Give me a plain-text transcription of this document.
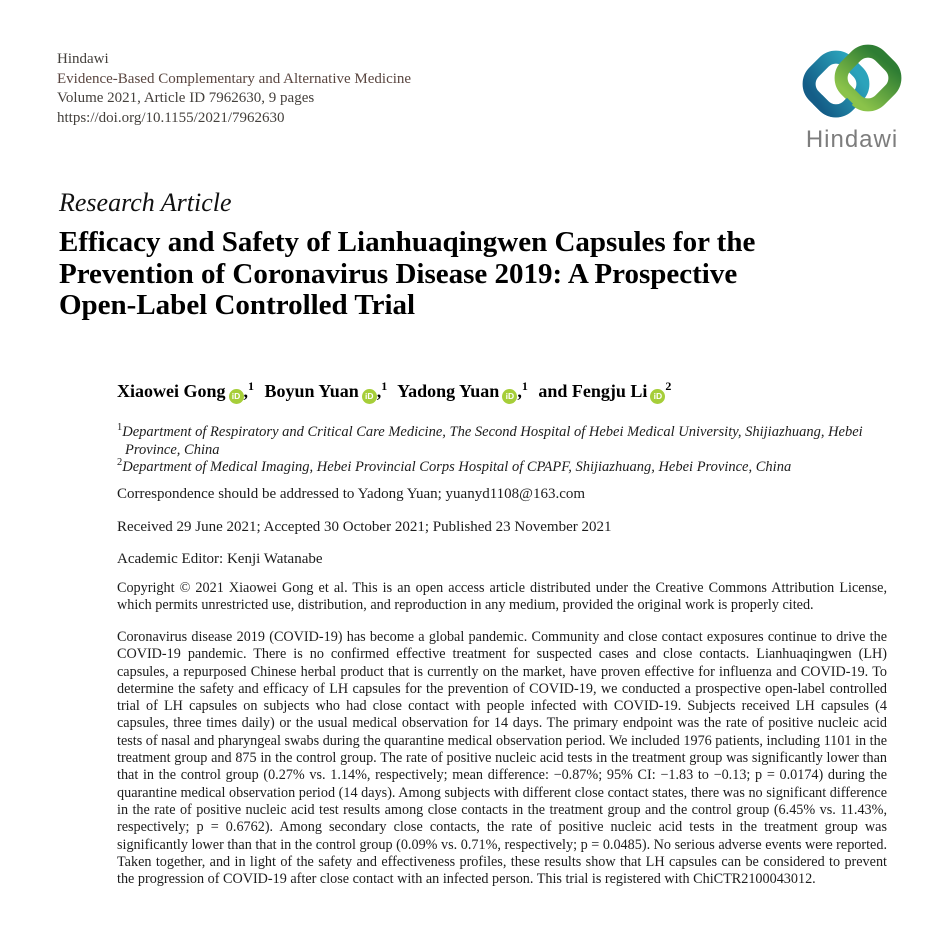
Hindawi
Evidence-Based Complementary and Alternative Medicine
Volume 2021, Article ID 7962630, 9 pages
https://doi.org/10.1155/2021/7962630
Hindawi
Research Article
Efficacy and Safety of Lianhuaqingwen Capsules for the Prevention of Coronavirus Disease 2019: A Prospective Open-Label Controlled Trial
Xiaowei Gong iD ,$^1$ Boyun Yuan iD ,$^1$ Yadong Yuan iD ,$^1$ and Fengju Li $iD^2$
$^1$Department of Respiratory and Critical Care Medicine, The Second Hospital of Hebei Medical University, Shijiazhuang, Hebei Province, China
$^2$Department of Medical Imaging, Hebei Provincial Corps Hospital of CPAPF, Shijiazhuang, Hebei Province, China

Correspondence should be addressed to Yadong Yuan; yuanyd1108@163.com

Received 29 June 2021; Accepted 30 October 2021; Published 23 November 2021

Academic Editor: Kenji Watanabe

Copyright © 2021 Xiaowei Gong et al. This is an open access article distributed under the Creative Commons Attribution License, which permits unrestricted use, distribution, and reproduction in any medium, provided the original work is properly cited.

Coronavirus disease 2019 (COVID-19) has become a global pandemic. Community and close contact exposures continue to drive the COVID-19 pandemic. There is no confirmed effective treatment for suspected cases and close contacts. Lianhuaqingwen (LH) capsules, a repurposed Chinese herbal product that is currently on the market, have proven effective for influenza and COVID-19. To determine the safety and efficacy of LH capsules for the prevention of COVID-19, we conducted a prospective open-label controlled trial of LH capsules on subjects who had close contact with people infected with COVID-19. Subjects received LH capsules (4 capsules, three times daily) or the usual medical observation for 14 days. The primary endpoint was the rate of positive nucleic acid tests of nasal and pharyngeal swabs during the quarantine medical observation period. We included 1976 patients, including 1101 in the treatment group and 875 in the control group. The rate of positive nucleic acid tests in the treatment group was significantly lower than that in the control group (0.27% vs. 1.14%, respectively; mean difference: −0.87%; 95% CI: −1.83 to −0.13; p = 0.0174) during the quarantine medical observation period (14 days). Among subjects with different close contact states, there was no significant difference in the rate of positive nucleic acid test results among close contacts in the treatment group and the control group (6.45% vs. 11.43%, respectively; p = 0.6762). Among secondary close contacts, the rate of positive nucleic acid tests in the treatment group was significantly lower than that in the control group (0.09% vs. 0.71%, respectively; p = 0.0485). No serious adverse events were reported. Taken together, and in light of the safety and effectiveness profiles, these results show that LH capsules can be considered to prevent the progression of COVID-19 after close contact with an infected person. This trial is registered with ChiCTR2100043012.
